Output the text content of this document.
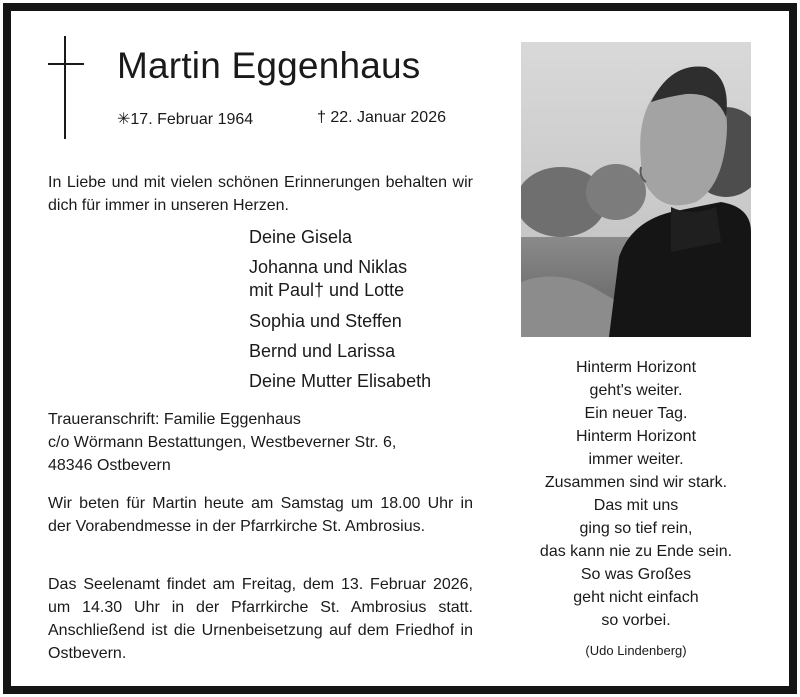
Martin Eggenhaus
✳17. Februar 1964	† 22. Januar 2026
In Liebe und mit vielen schönen Erinnerungen behalten wir dich für immer in unseren Herzen.
Deine Gisela
Johanna und Niklas
mit Paul† und Lotte
Sophia und Steffen
Bernd und Larissa
Deine Mutter Elisabeth
Traueranschrift: Familie Eggenhaus
c/o Wörmann Bestattungen, Westbeverner Str. 6,
48346 Ostbevern
Wir beten für Martin heute am Samstag um 18.00 Uhr in der Vorabendmesse in der Pfarrkirche St. Ambrosius.
Das Seelenamt findet am Freitag, dem 13. Februar 2026, um 14.30 Uhr in der Pfarrkirche St. Ambrosius statt. Anschließend ist die Urnenbeisetzung auf dem Friedhof in Ostbevern.
Hinterm Horizont
geht's weiter.
Ein neuer Tag.
Hinterm Horizont
immer weiter.
Zusammen sind wir stark.
Das mit uns
ging so tief rein,
das kann nie zu Ende sein.
So was Großes
geht nicht einfach
so vorbei.
(Udo Lindenberg)
